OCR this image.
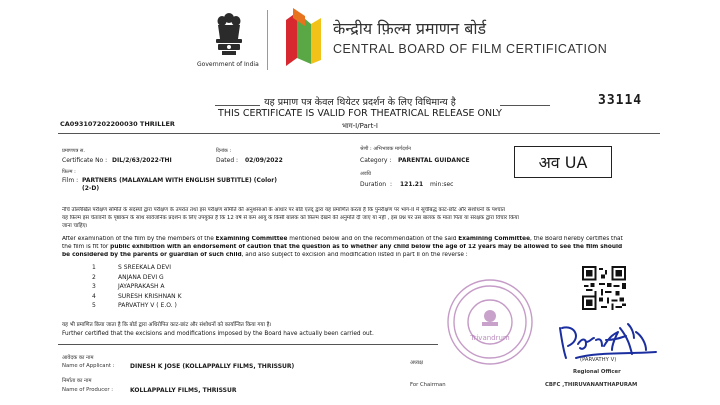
Government of India
केन्द्रीय फ़िल्म प्रमाणन बोर्ड
CENTRAL BOARD OF FILM CERTIFICATION
33114
यह प्रमाण पत्र केवल थियेटर प्रदर्शन के लिए विधिमान्य है
THIS CERTIFICATE IS VALID FOR THEATRICAL RELEASE ONLY
भाग-I/Part-I
CA093107202200030 THRILLER
प्रमाणपत्र स.
Certificate No : DIL/2/63/2022-THI
दिनांक :
Dated : 02/09/2022
श्रेणी : अभिभावक मार्गदर्शन
Category : PARENTAL GUIDANCE	अव UA
फ़िल्म :
Film : PARTNERS (MALAYALAM WITH ENGLISH SUBTITLE) (Color)
(2-D)
अवधि
Duration : 121.21 min:sec
नीचे उल्लिखित परीक्षण समिति के सदस्यों द्वारा परीक्षण के उपरांत तथा इस परीक्षण समिति की अनुशंसाओं के आधार पर बोर्ड एतद्‌ द्वारा यह प्रमाणित करता है कि पुनरीक्षण पर भाग-II में सूचीबद्ध काट-छाँट और संशोधनों के पश्चात
यह फ़िल्म इस चेतावनी के पृष्ठांकन के साथ सार्वजनिक प्रदर्शन के लिए उपयुक्त है कि 12 वर्ष से कम आयु के किसी बालक को फ़िल्म देखने की अनुमति दी जाए या नहीं , इस प्रश्न पर उस बालक के माता पिता या संरक्षक द्वारा विचार किया
जाना चाहिए।
After examination of the film by the members of the Examining Committee mentioned below and on the recommendation of the said Examining Committee, the Board hereby certifies that
the film is fit for public exhibition with an endorsement of caution that the question as to whether any child below the age of 12 years may be allowed to see the film should
be considered by the parents or guardian of such child, and also subject to excision and modification listed in part II on the reverse :
1	S SREEKALA DEVI
2	ANJANA DEVI G
3	JAYAPRAKASH A
4	SURESH KRISHNAN K
5	PARVATHY V ( E.O. )
Trivandrum
यह भी प्रमाणित किया जाता है कि बोर्ड द्वारा अधिरोपित काट-छांट और संशोधनों को कार्यान्वित किया गया है।
Further certified that the excisions and modifications imposed by the Board have actually been carried out.
आवेदक का नाम
Name of Applicant :	DINESH K JOSE (KOLLAPPALLY FILMS, THRISSUR)
निर्माता का नाम
Name of Producer :	KOLLAPPALLY FILMS, THRISSUR
अध्यक्ष
For Chairman
(PARVATHY V)
Regional Officer
CBFC ,THIRUVANANTHAPURAM
